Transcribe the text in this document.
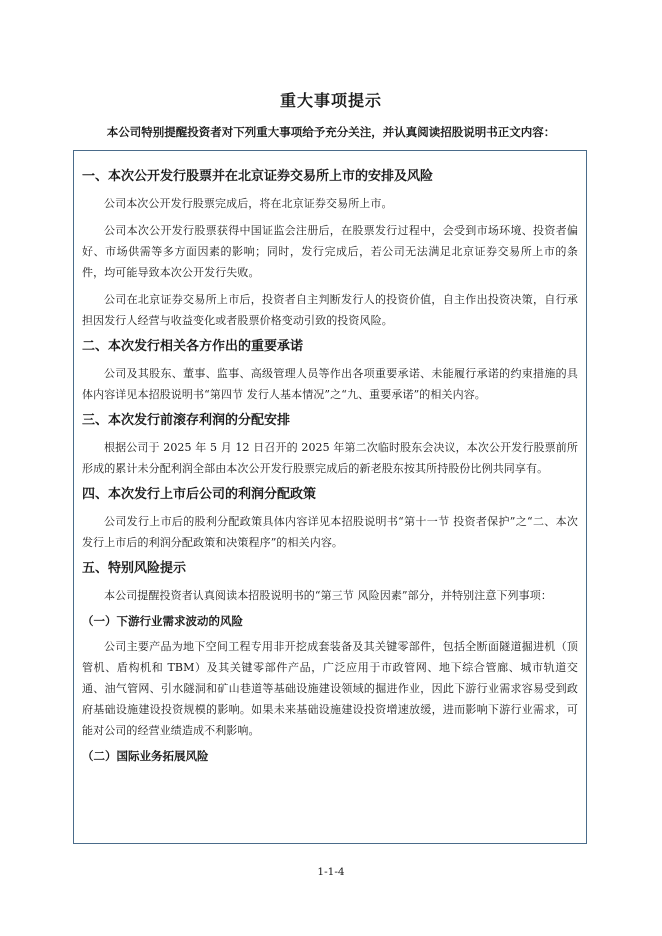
重大事项提示
本公司特别提醒投资者对下列重大事项给予充分关注，并认真阅读招股说明书正文内容：
一、本次公开发行股票并在北京证券交易所上市的安排及风险
公司本次公开发行股票完成后，将在北京证券交易所上市。
公司本次公开发行股票获得中国证监会注册后，在股票发行过程中，会受到市场环境、投资者偏好、市场供需等多方面因素的影响；同时，发行完成后，若公司无法满足北京证券交易所上市的条件，均可能导致本次公开发行失败。
公司在北京证券交易所上市后，投资者自主判断发行人的投资价值，自主作出投资决策，自行承担因发行人经营与收益变化或者股票价格变动引致的投资风险。
二、本次发行相关各方作出的重要承诺
公司及其股东、董事、监事、高级管理人员等作出各项重要承诺、未能履行承诺的约束措施的具体内容详见本招股说明书“第四节 发行人基本情况”之“九、重要承诺”的相关内容。
三、本次发行前滚存利润的分配安排
根据公司于 2025 年 5 月 12 日召开的 2025 年第二次临时股东会决议，本次公开发行股票前所形成的累计未分配利润全部由本次公开发行股票完成后的新老股东按其所持股份比例共同享有。
四、本次发行上市后公司的利润分配政策
公司发行上市后的股利分配政策具体内容详见本招股说明书“第十一节 投资者保护”之“二、本次发行上市后的利润分配政策和决策程序”的相关内容。
五、特别风险提示
本公司提醒投资者认真阅读本招股说明书的“第三节 风险因素”部分，并特别注意下列事项：
（一）下游行业需求波动的风险
公司主要产品为地下空间工程专用非开挖成套装备及其关键零部件，包括全断面隧道掘进机（顶管机、盾构机和 TBM）及其关键零部件产品，广泛应用于市政管网、地下综合管廊、城市轨道交通、油气管网、引水隧洞和矿山巷道等基础设施建设领域的掘进作业，因此下游行业需求容易受到政府基础设施建设投资规模的影响。如果未来基础设施建设投资增速放缓，进而影响下游行业需求，可能对公司的经营业绩造成不利影响。
（二）国际业务拓展风险
1-1-4
